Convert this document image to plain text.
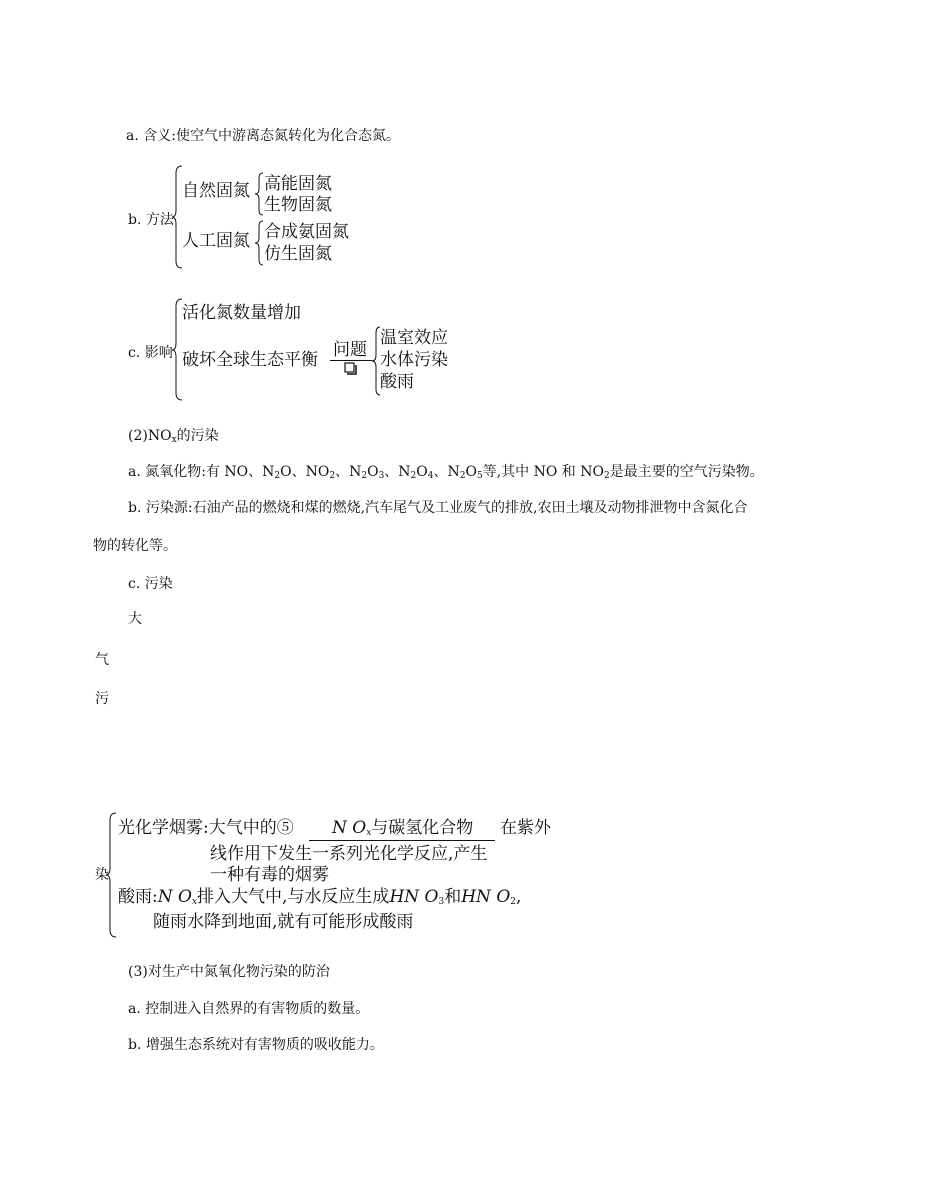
a. 含义:使空气中游离态氮转化为化合态氮。
b. 方法
自然固氮 高能固氮
生物固氮
人工固氮 合成氨固氮
仿生固氮
c. 影响
活化氮数量增加
破坏全球生态平衡 问题
温室效应
水体污染
酸雨
$(2)NO_x$的污染
a. 氮氧化物:有 NO、$N_2O$、$NO_2$、$N_2O_3$、$N_2O_4$、$N_2O_5$等,其中 NO 和 $NO_2$是最主要的空气污染物。
b. 污染源:石油产品的燃烧和煤的燃烧,汽车尾气及工业废气的排放,农田土壤及动物排泄物中含氮化合
物的转化等。
c. 污染
大
气
污
染
光化学烟雾:大气中的⑤ N $O_x$与碳氢化合物 在紫外
线作用下发生一系列光化学反应,产生
一种有毒的烟雾
酸雨:N $O_x$排入大气中,与水反应生成HN $O_3$和HN $O_2$,
随雨水降到地面,就有可能形成酸雨
(3)对生产中氮氧化物污染的防治
a. 控制进入自然界的有害物质的数量。
b. 增强生态系统对有害物质的吸收能力。
